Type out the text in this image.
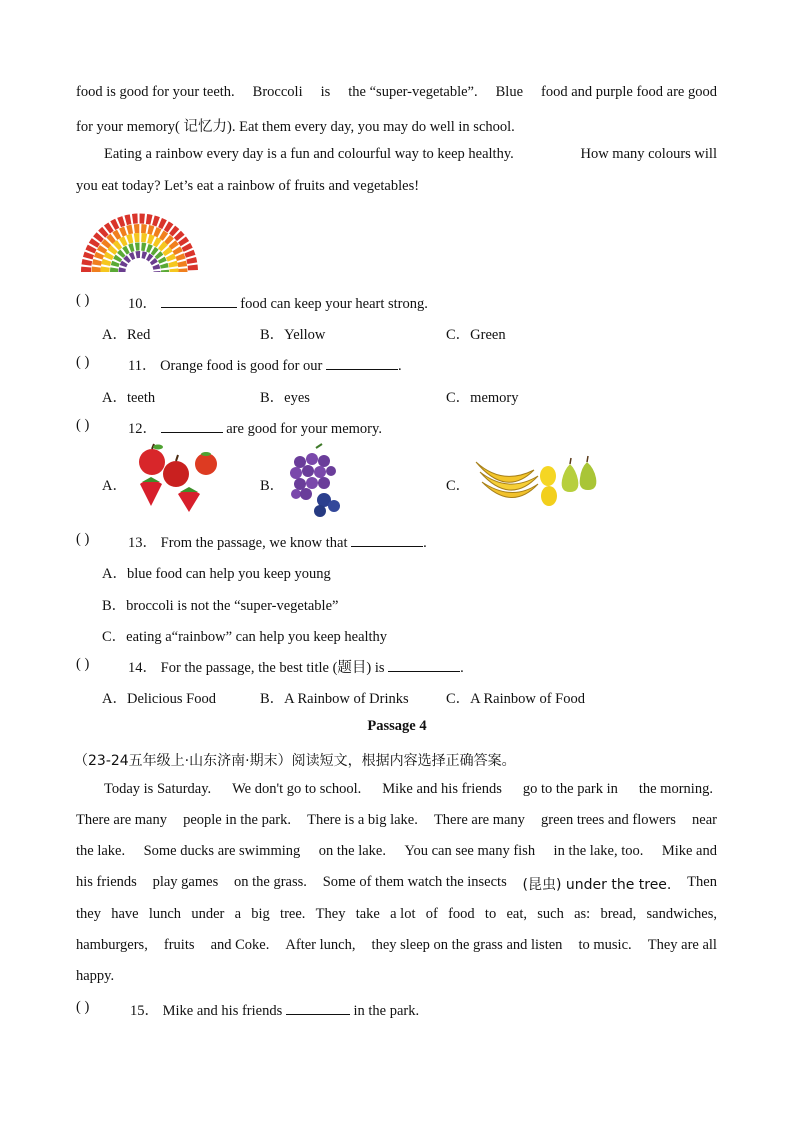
food is good for your teeth. Broccoli is the “super-vegetable”. Blue food and purple food are good
for your memory( 记忆力). Eat them every day, you may do well in school.
Eating a rainbow every day is a fun and colourful way to keep healthy.	How many colours will
you eat today? Let’s eat a rainbow of fruits and vegetables!
( )	10．	food can keep your heart strong.
A．Red	B．Yellow	C．Green
( )	11． Orange food is good for our	.
A．teeth	B．eyes	C．memory
( )	12．	are good for your memory.
A．	B．	C．
( )	13． From the passage, we know that	.
A．blue food can help you keep young
B．broccoli is not the “super-vegetable”
C．eating a“rainbow” can help you keep healthy
( )	14． For the passage, the best title (题目) is	.
A．Delicious Food	B．A Rainbow of Drinks	C．A Rainbow of Food
Passage 4
（23-24五年级上·山东济南·期末）阅读短文，根据内容选择正确答案。
Today is Saturday. We don't go to school. Mike and his friends go to the park in the morning.
There are many people in the park. There is a big lake. There are many green trees and flowers near
the lake. Some ducks are swimming on the lake. You can see many fish in the lake, too. Mike and
his friends play games on the grass. Some of them watch the insects (昆虫) under the tree. Then
they have lunch under a big tree. They take a lot of food to eat, such as: bread, sandwiches,
hamburgers, fruits and Coke. After lunch, they sleep on the grass and listen to music. They are all
happy.
( )	15． Mike and his friends	in the park.
